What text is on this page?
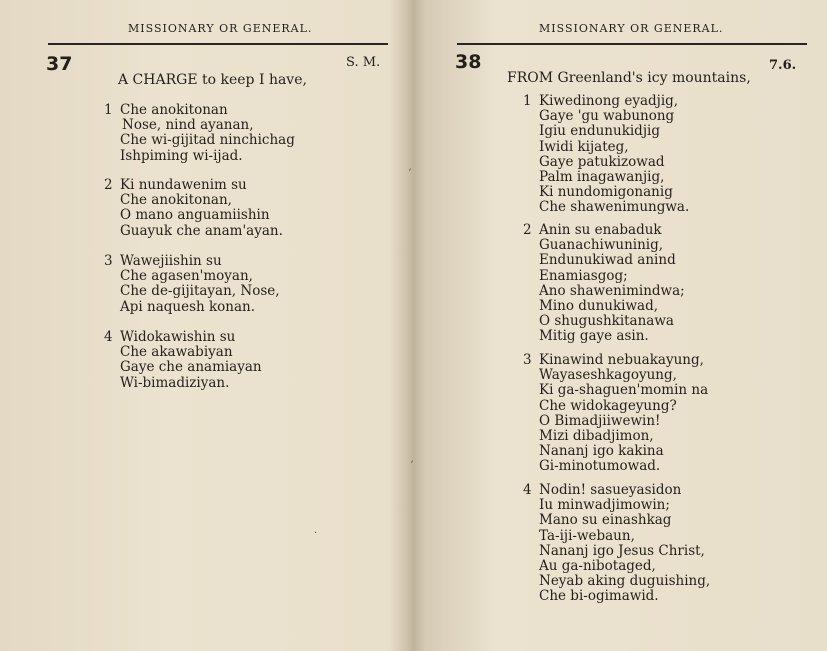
MISSIONARY OR GENERAL.
37	S. M.
A CHARGE to keep I have,
1 Che anokitonan
Nose, nind ayanan,
Che wi-gijitad ninchichag
Ishpiming wi-ijad.
2 Ki nundawenim su
Che anokitonan,
O mano anguamiishin
Guayuk che anam'ayan.
3 Wawejiishin su
Che agasen'moyan,
Che de-gijitayan, Nose,
Api naquesh konan.
4 Widokawishin su
Che akawabiyan
Gaye che anamiayan
Wi-bimadiziyan.
MISSIONARY OR GENERAL.
38	7.6.
FROM Greenland's icy mountains,
1 Kiwedinong eyadjig,
Gaye 'gu wabunong
Igiu endunukidjig
Iwidi kijateg,
Gaye patukizowad
Palm inagawanjig,
Ki nundomigonanig
Che shawenimungwa.
2 Anin su enabaduk
Guanachiwuninig,
Endunukiwad anind
Enamiasgog;
Ano shawenimindwa;
Mino dunukiwad,
O shugushkitanawa
Mitig gaye asin.
3 Kinawind nebuakayung,
Wayaseshkagoyung,
Ki ga-shaguen'momin na
Che widokageyung?
O Bimadjiiwewin!
Mizi dibadjimon,
Nananj igo kakina
Gi-minotumowad.
4 Nodin! sasueyasidon
Iu minwadjimowin;
Mano su einashkag
Ta-iji-webaun,
Nananj igo Jesus Christ,
Au ga-nibotaged,
Neyab aking duguishing,
Che bi-ogimawid.
ʼ
ʼ
·
